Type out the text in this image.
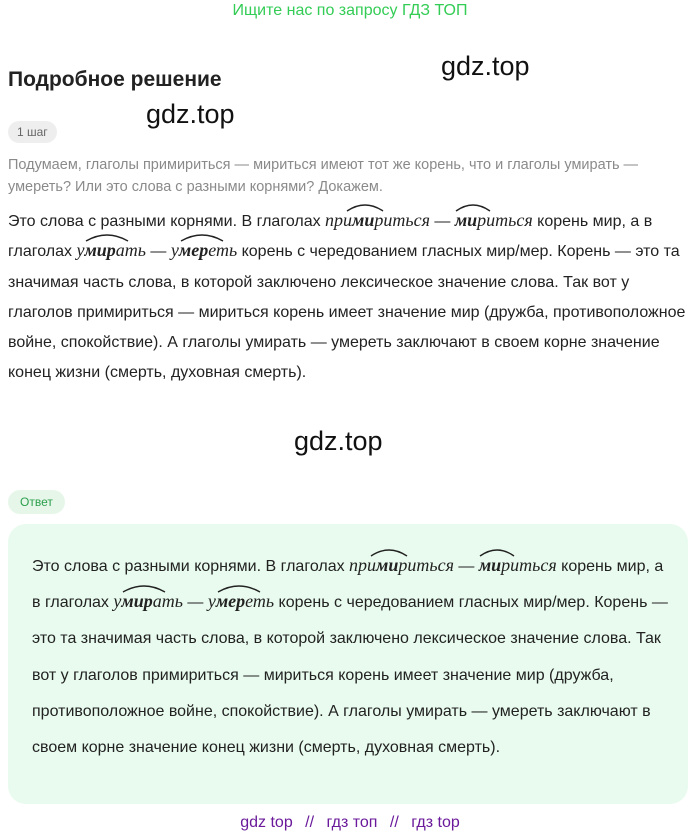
Ищите нас по запросу ГДЗ ТОП
Подробное решение	gdz.top
gdz.top
gdz.top
1 шаг
Подумаем, глаголы примириться — мириться имеют тот же корень, что и глаголы умирать — умереть? Или это слова с разными корнями? Докажем.
Это слова с разными корнями. В глаголах примириться
— мириться
корень мир, а в глаголах умирать
— умереть
корень с чередованием гласных мир/мер. Корень — это та значимая часть слова, в которой заключено лексическое значение слова. Так вот у глаголов примириться — мириться корень имеет значение мир (дружба, противоположное войне, спокойствие). А глаголы умирать — умереть заключают в своем корне значение конец жизни (смерть, духовная смерть).
Ответ
Это слова с разными корнями. В глаголах примириться
— мириться
корень мир, а в глаголах умирать
— умереть
корень с чередованием гласных мир/мер. Корень — это та значимая часть слова, в которой заключено лексическое значение слова. Так вот у глаголов примириться — мириться корень имеет значение мир (дружба, противоположное войне, спокойствие). А глаголы умирать — умереть заключают в своем корне значение конец жизни (смерть, духовная смерть).
gdz top // гдз топ // гдз top
